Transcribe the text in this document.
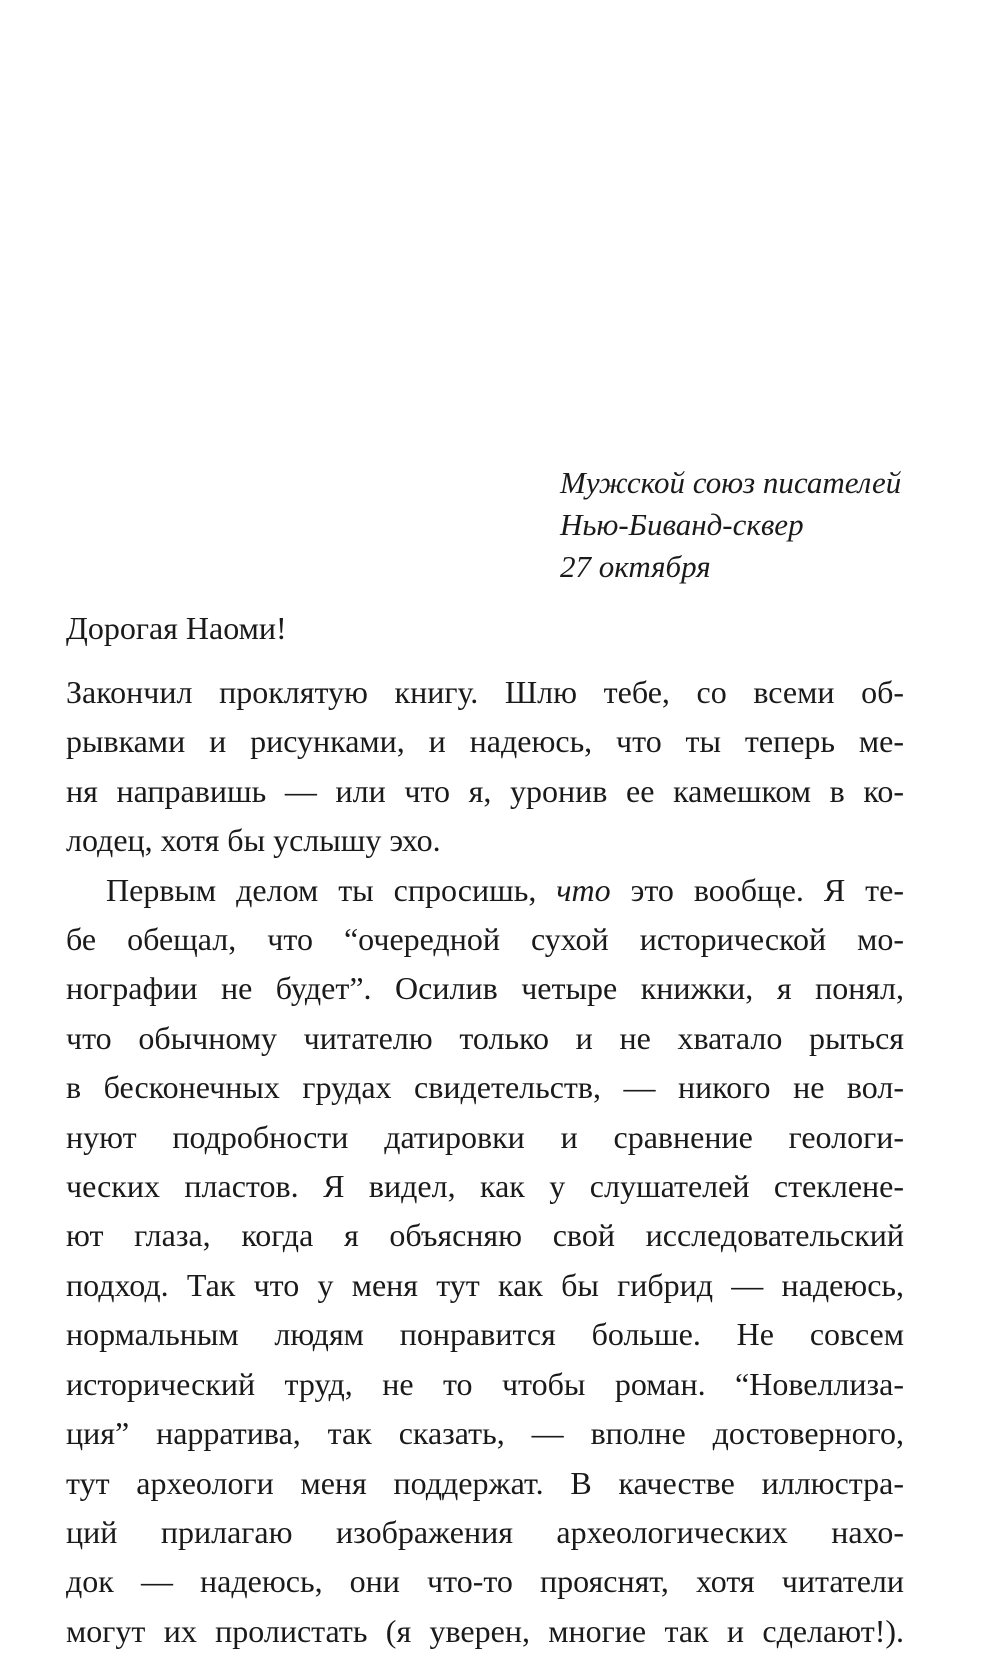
Мужской союз писателей
Нью-Биванд-сквер
27 октября
Дорогая Наоми!
Закончил проклятую книгу. Шлю тебе, со всеми об-
рывками и рисунками, и надеюсь, что ты теперь ме-
ня направишь — или что я, уронив ее камешком в ко-
лодец, хотя бы услышу эхо.
Первым делом ты спросишь, что это вообще. Я те-
бе обещал, что “очередной сухой исторической мо-
нографии не будет”. Осилив четыре книжки, я понял,
что обычному читателю только и не хватало рыться
в бесконечных грудах свидетельств, — никого не вол-
нуют подробности датировки и сравнение геологи-
ческих пластов. Я видел, как у слушателей стеклене-
ют глаза, когда я объясняю свой исследовательский
подход. Так что у меня тут как бы гибрид — надеюсь,
нормальным людям понравится больше. Не совсем
исторический труд, не то чтобы роман. “Новеллиза-
ция” нарратива, так сказать, — вполне достоверного,
тут археологи меня поддержат. В качестве иллюстра-
ций прилагаю изображения археологических нахо-
док — надеюсь, они что-то прояснят, хотя читатели
могут их пролистать (я уверен, многие так и сделают!).
